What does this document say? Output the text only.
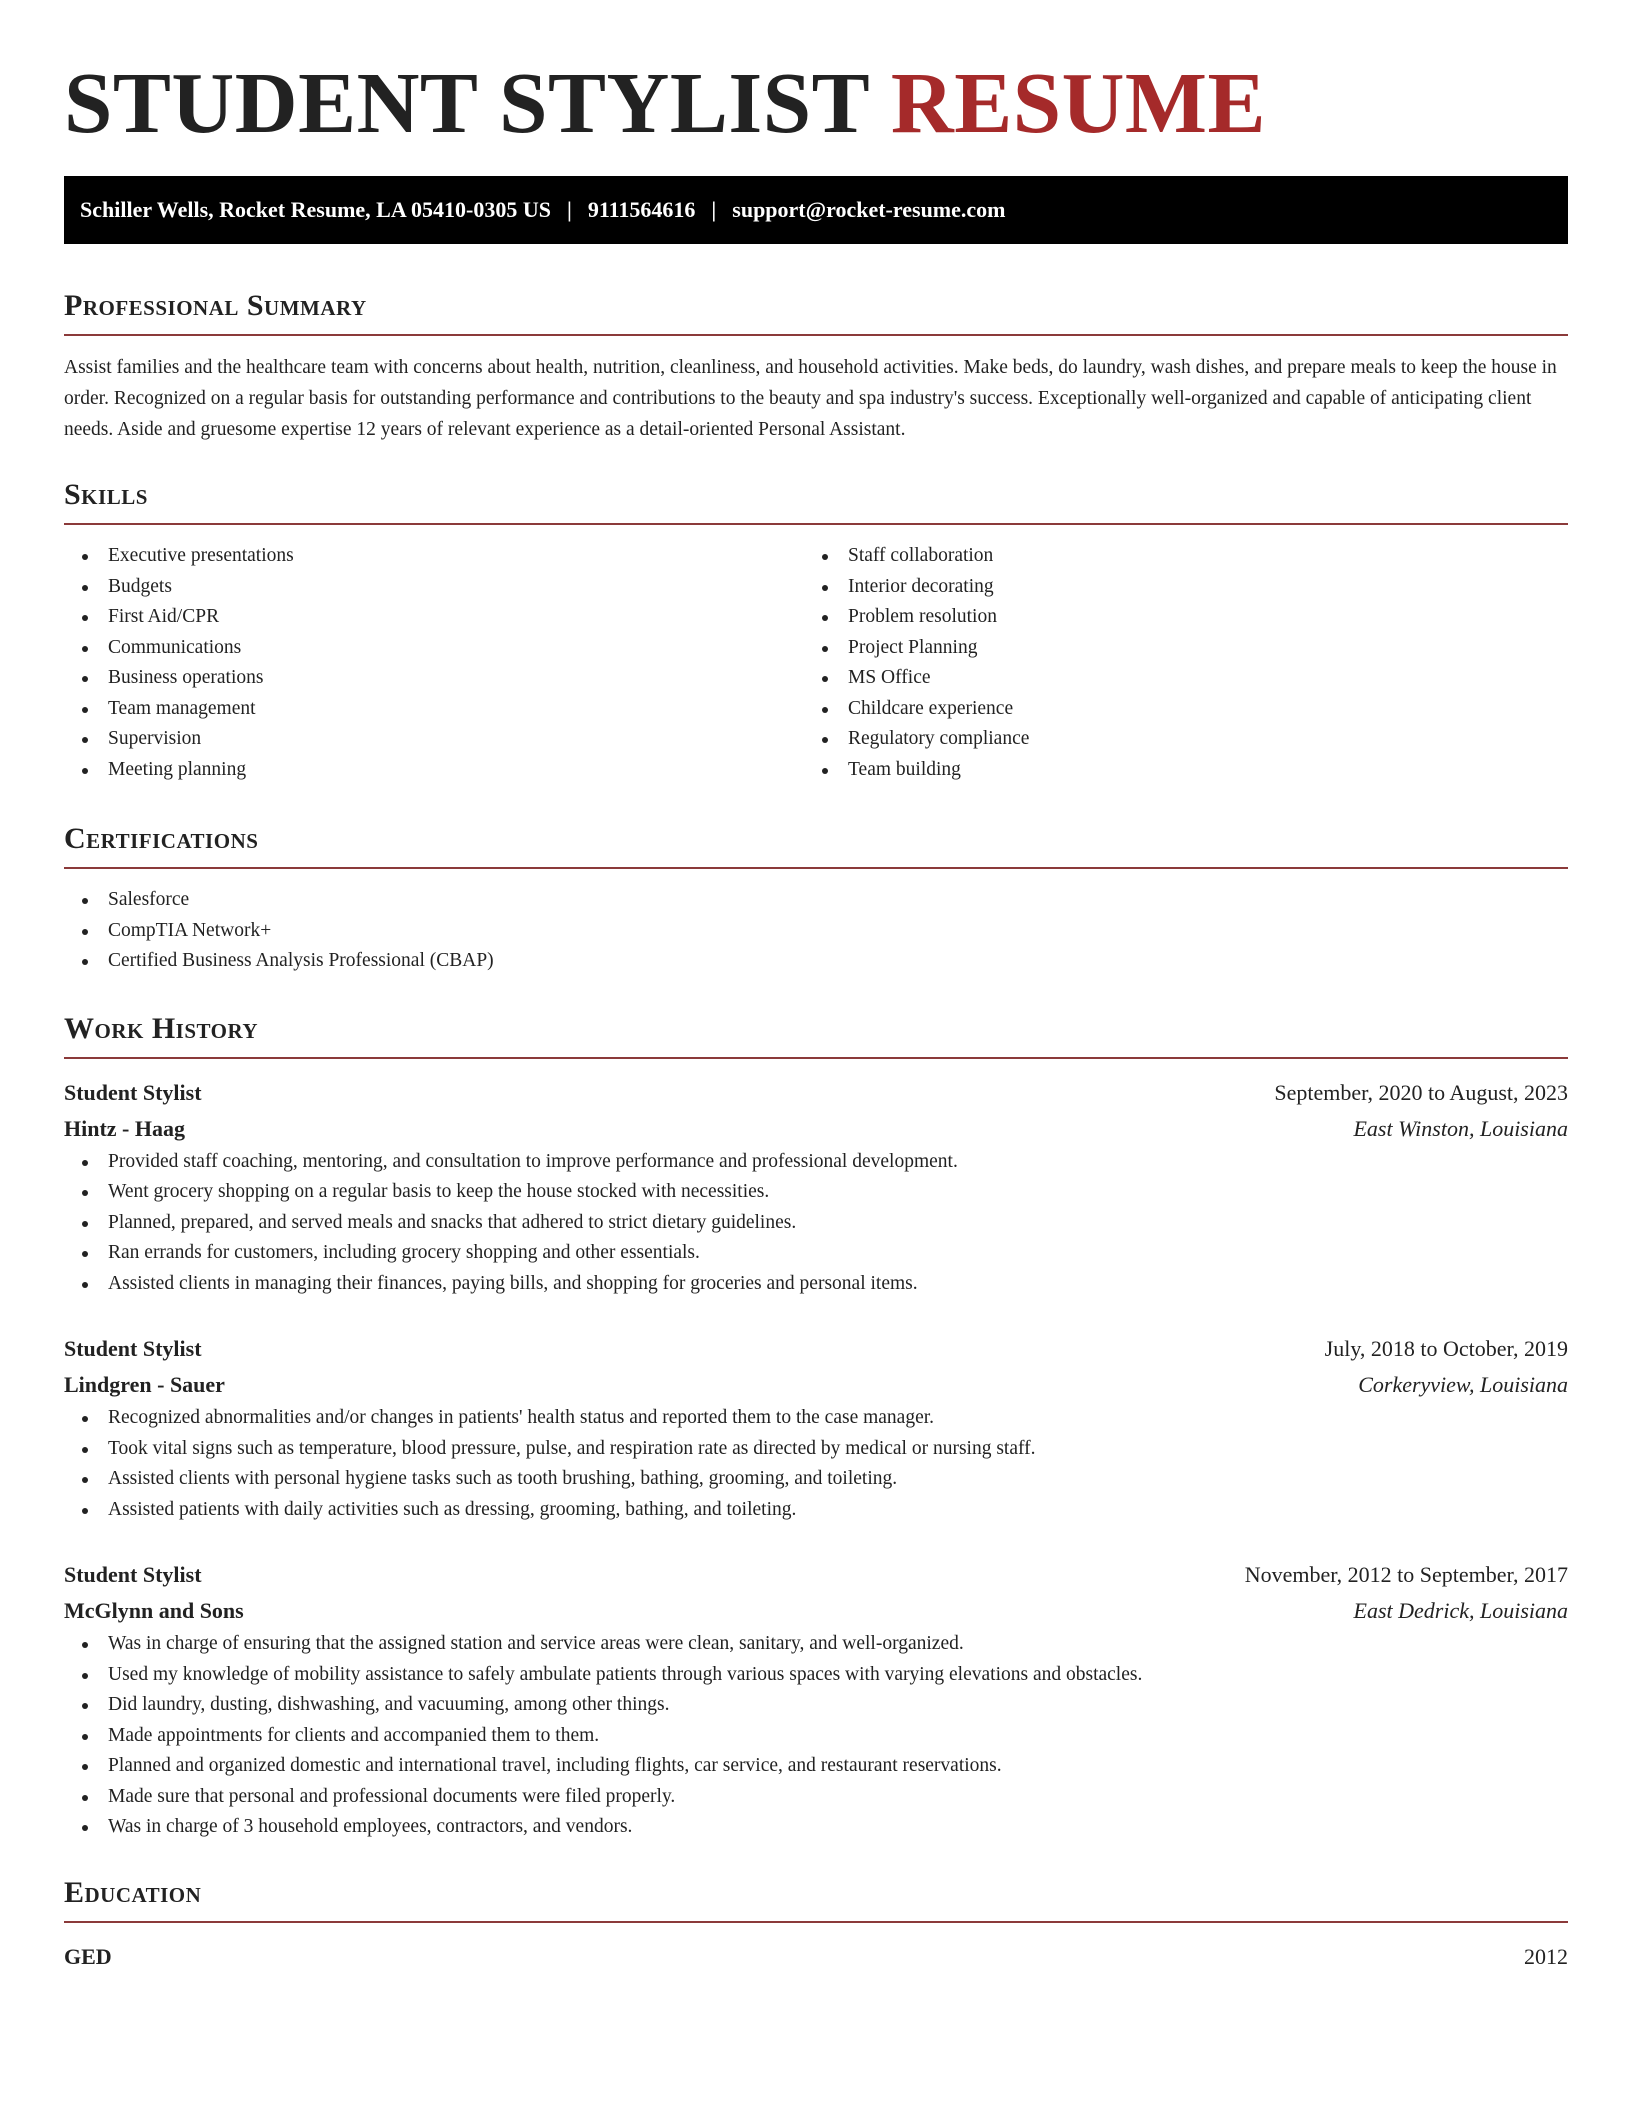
STUDENT STYLIST RESUME
Schiller Wells, Rocket Resume, LA 05410-0305 US | 9111564616 | support@rocket-resume.com
Professional Summary

Assist families and the healthcare team with concerns about health, nutrition, cleanliness, and household activities. Make beds, do laundry, wash dishes, and prepare meals to keep the house in order. Recognized on a regular basis for outstanding performance and contributions to the beauty and spa industry's success. Exceptionally well-organized and capable of anticipating client needs. Aside and gruesome expertise 12 years of relevant experience as a detail-oriented Personal Assistant.

Skills
Executive presentations
Budgets
First Aid/CPR
Communications
Business operations
Team management
Supervision
Meeting planning
Staff collaboration
Interior decorating
Problem resolution
Project Planning
MS Office
Childcare experience
Regulatory compliance
Team building
Certifications
Salesforce
CompTIA Network+
Certified Business Analysis Professional (CBAP)
Work History
Student Stylist	September, 2020 to August, 2023
Hintz - Haag	East Winston, Louisiana
Provided staff coaching, mentoring, and consultation to improve performance and professional development.
Went grocery shopping on a regular basis to keep the house stocked with necessities.
Planned, prepared, and served meals and snacks that adhered to strict dietary guidelines.
Ran errands for customers, including grocery shopping and other essentials.
Assisted clients in managing their finances, paying bills, and shopping for groceries and personal items.
Student Stylist	July, 2018 to October, 2019
Lindgren - Sauer	Corkeryview, Louisiana
Recognized abnormalities and/or changes in patients' health status and reported them to the case manager.
Took vital signs such as temperature, blood pressure, pulse, and respiration rate as directed by medical or nursing staff.
Assisted clients with personal hygiene tasks such as tooth brushing, bathing, grooming, and toileting.
Assisted patients with daily activities such as dressing, grooming, bathing, and toileting.
Student Stylist	November, 2012 to September, 2017
McGlynn and Sons	East Dedrick, Louisiana
Was in charge of ensuring that the assigned station and service areas were clean, sanitary, and well-organized.
Used my knowledge of mobility assistance to safely ambulate patients through various spaces with varying elevations and obstacles.
Did laundry, dusting, dishwashing, and vacuuming, among other things.
Made appointments for clients and accompanied them to them.
Planned and organized domestic and international travel, including flights, car service, and restaurant reservations.
Made sure that personal and professional documents were filed properly.
Was in charge of 3 household employees, contractors, and vendors.
Education
GED	2012
